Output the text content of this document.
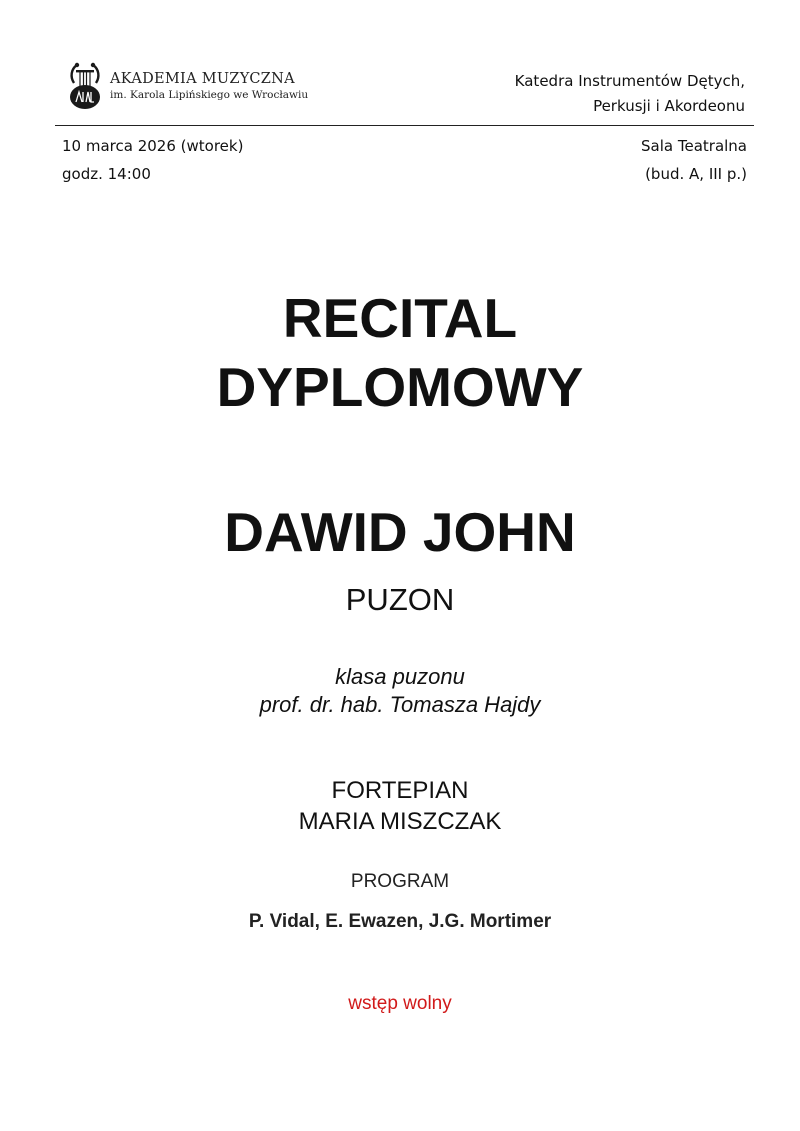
AKADEMIA MUZYCZNA
im. Karola Lipińskiego we Wrocławiu
Katedra Instrumentów Dętych,
Perkusji i Akordeonu
10 marca 2026 (wtorek)
godz. 14:00
Sala Teatralna
(bud. A, III p.)
RECITAL
DYPLOMOWY
DAWID JOHN
PUZON
klasa puzonu
prof. dr. hab. Tomasza Hajdy
FORTEPIAN
MARIA MISZCZAK
PROGRAM
P. Vidal, E. Ewazen, J.G. Mortimer
wstęp wolny
